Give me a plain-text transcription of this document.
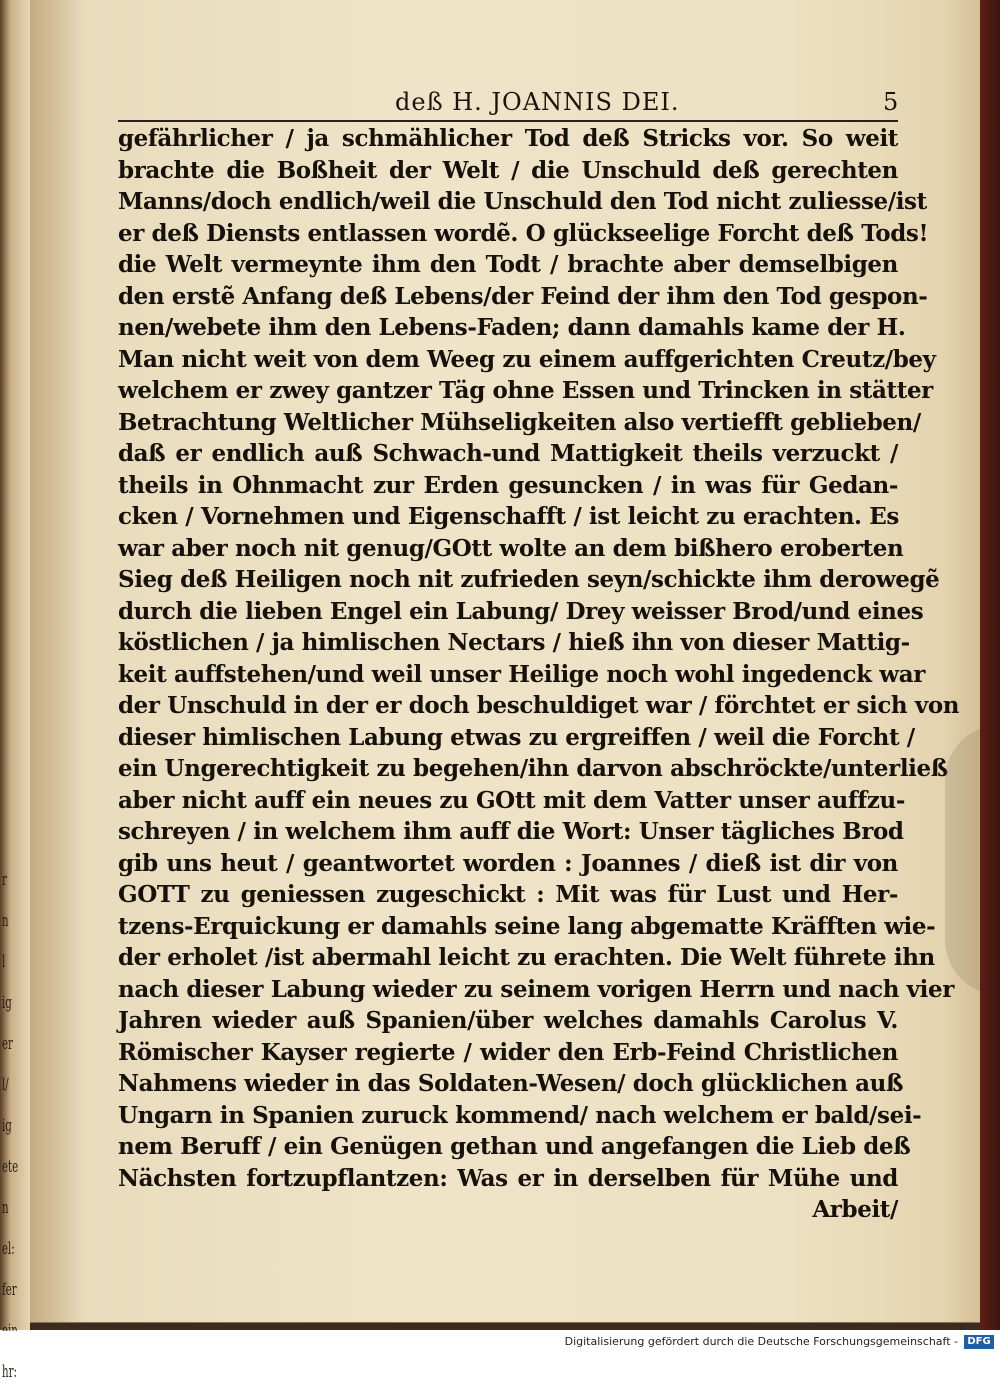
r
n
l
ig
er
l/
ig
ete
n
el:
fer

hr:
deß H. JOANNIS DEI.	5
gefährlicher / ja schmählicher Tod deß Stricks vor. So weit
brachte die Boßheit der Welt / die Unschuld deß gerechten
Manns/doch endlich/weil die Unschuld den Tod nicht zuliesse/ist
er deß Diensts entlassen wordẽ. O glückseelige Forcht deß Tods!
die Welt vermeynte ihm den Todt / brachte aber demselbigen
den erstẽ Anfang deß Lebens/der Feind der ihm den Tod gespon-
nen/webete ihm den Lebens-Faden; dann damahls kame der H.
Man nicht weit von dem Weeg zu einem auffgerichten Creutz/bey
welchem er zwey gantzer Täg ohne Essen und Trincken in stätter
Betrachtung Weltlicher Mühseligkeiten also vertiefft geblieben/
daß er endlich auß Schwach-und Mattigkeit theils verzuckt /
theils in Ohnmacht zur Erden gesuncken / in was für Gedan-
cken / Vornehmen und Eigenschafft / ist leicht zu erachten. Es
war aber noch nit genug/GOtt wolte an dem bißhero eroberten
Sieg deß Heiligen noch nit zufrieden seyn/schickte ihm derowegẽ
durch die lieben Engel ein Labung/ Drey weisser Brod/und eines
köstlichen / ja himlischen Nectars / hieß ihn von dieser Mattig-
keit auffstehen/und weil unser Heilige noch wohl ingedenck war
der Unschuld in der er doch beschuldiget war / förchtet er sich von
dieser himlischen Labung etwas zu ergreiffen / weil die Forcht /
ein Ungerechtigkeit zu begehen/ihn darvon abschröckte/unterließ
aber nicht auff ein neues zu GOtt mit dem Vatter unser auffzu-
schreyen / in welchem ihm auff die Wort: Unser tägliches Brod
gib uns heut / geantwortet worden : Joannes / dieß ist dir von
GOTT zu geniessen zugeschickt : Mit was für Lust und Her-
tzens-Erquickung er damahls seine lang abgematte Kräfften wie-
der erholet /ist abermahl leicht zu erachten. Die Welt führete ihn
nach dieser Labung wieder zu seinem vorigen Herrn und nach vier
Jahren wieder auß Spanien/über welches damahls Carolus V.
Römischer Kayser regierte / wider den Erb-Feind Christlichen
Nahmens wieder in das Soldaten-Wesen/ doch glücklichen auß
Ungarn in Spanien zuruck kommend/ nach welchem er bald/sei-
nem Beruff / ein Genügen gethan und angefangen die Lieb deß
Nächsten fortzupflantzen: Was er in derselben für Mühe und
Arbeit/
Digitalisierung gefördert durch die Deutsche Forschungsgemeinschaft - DFG
